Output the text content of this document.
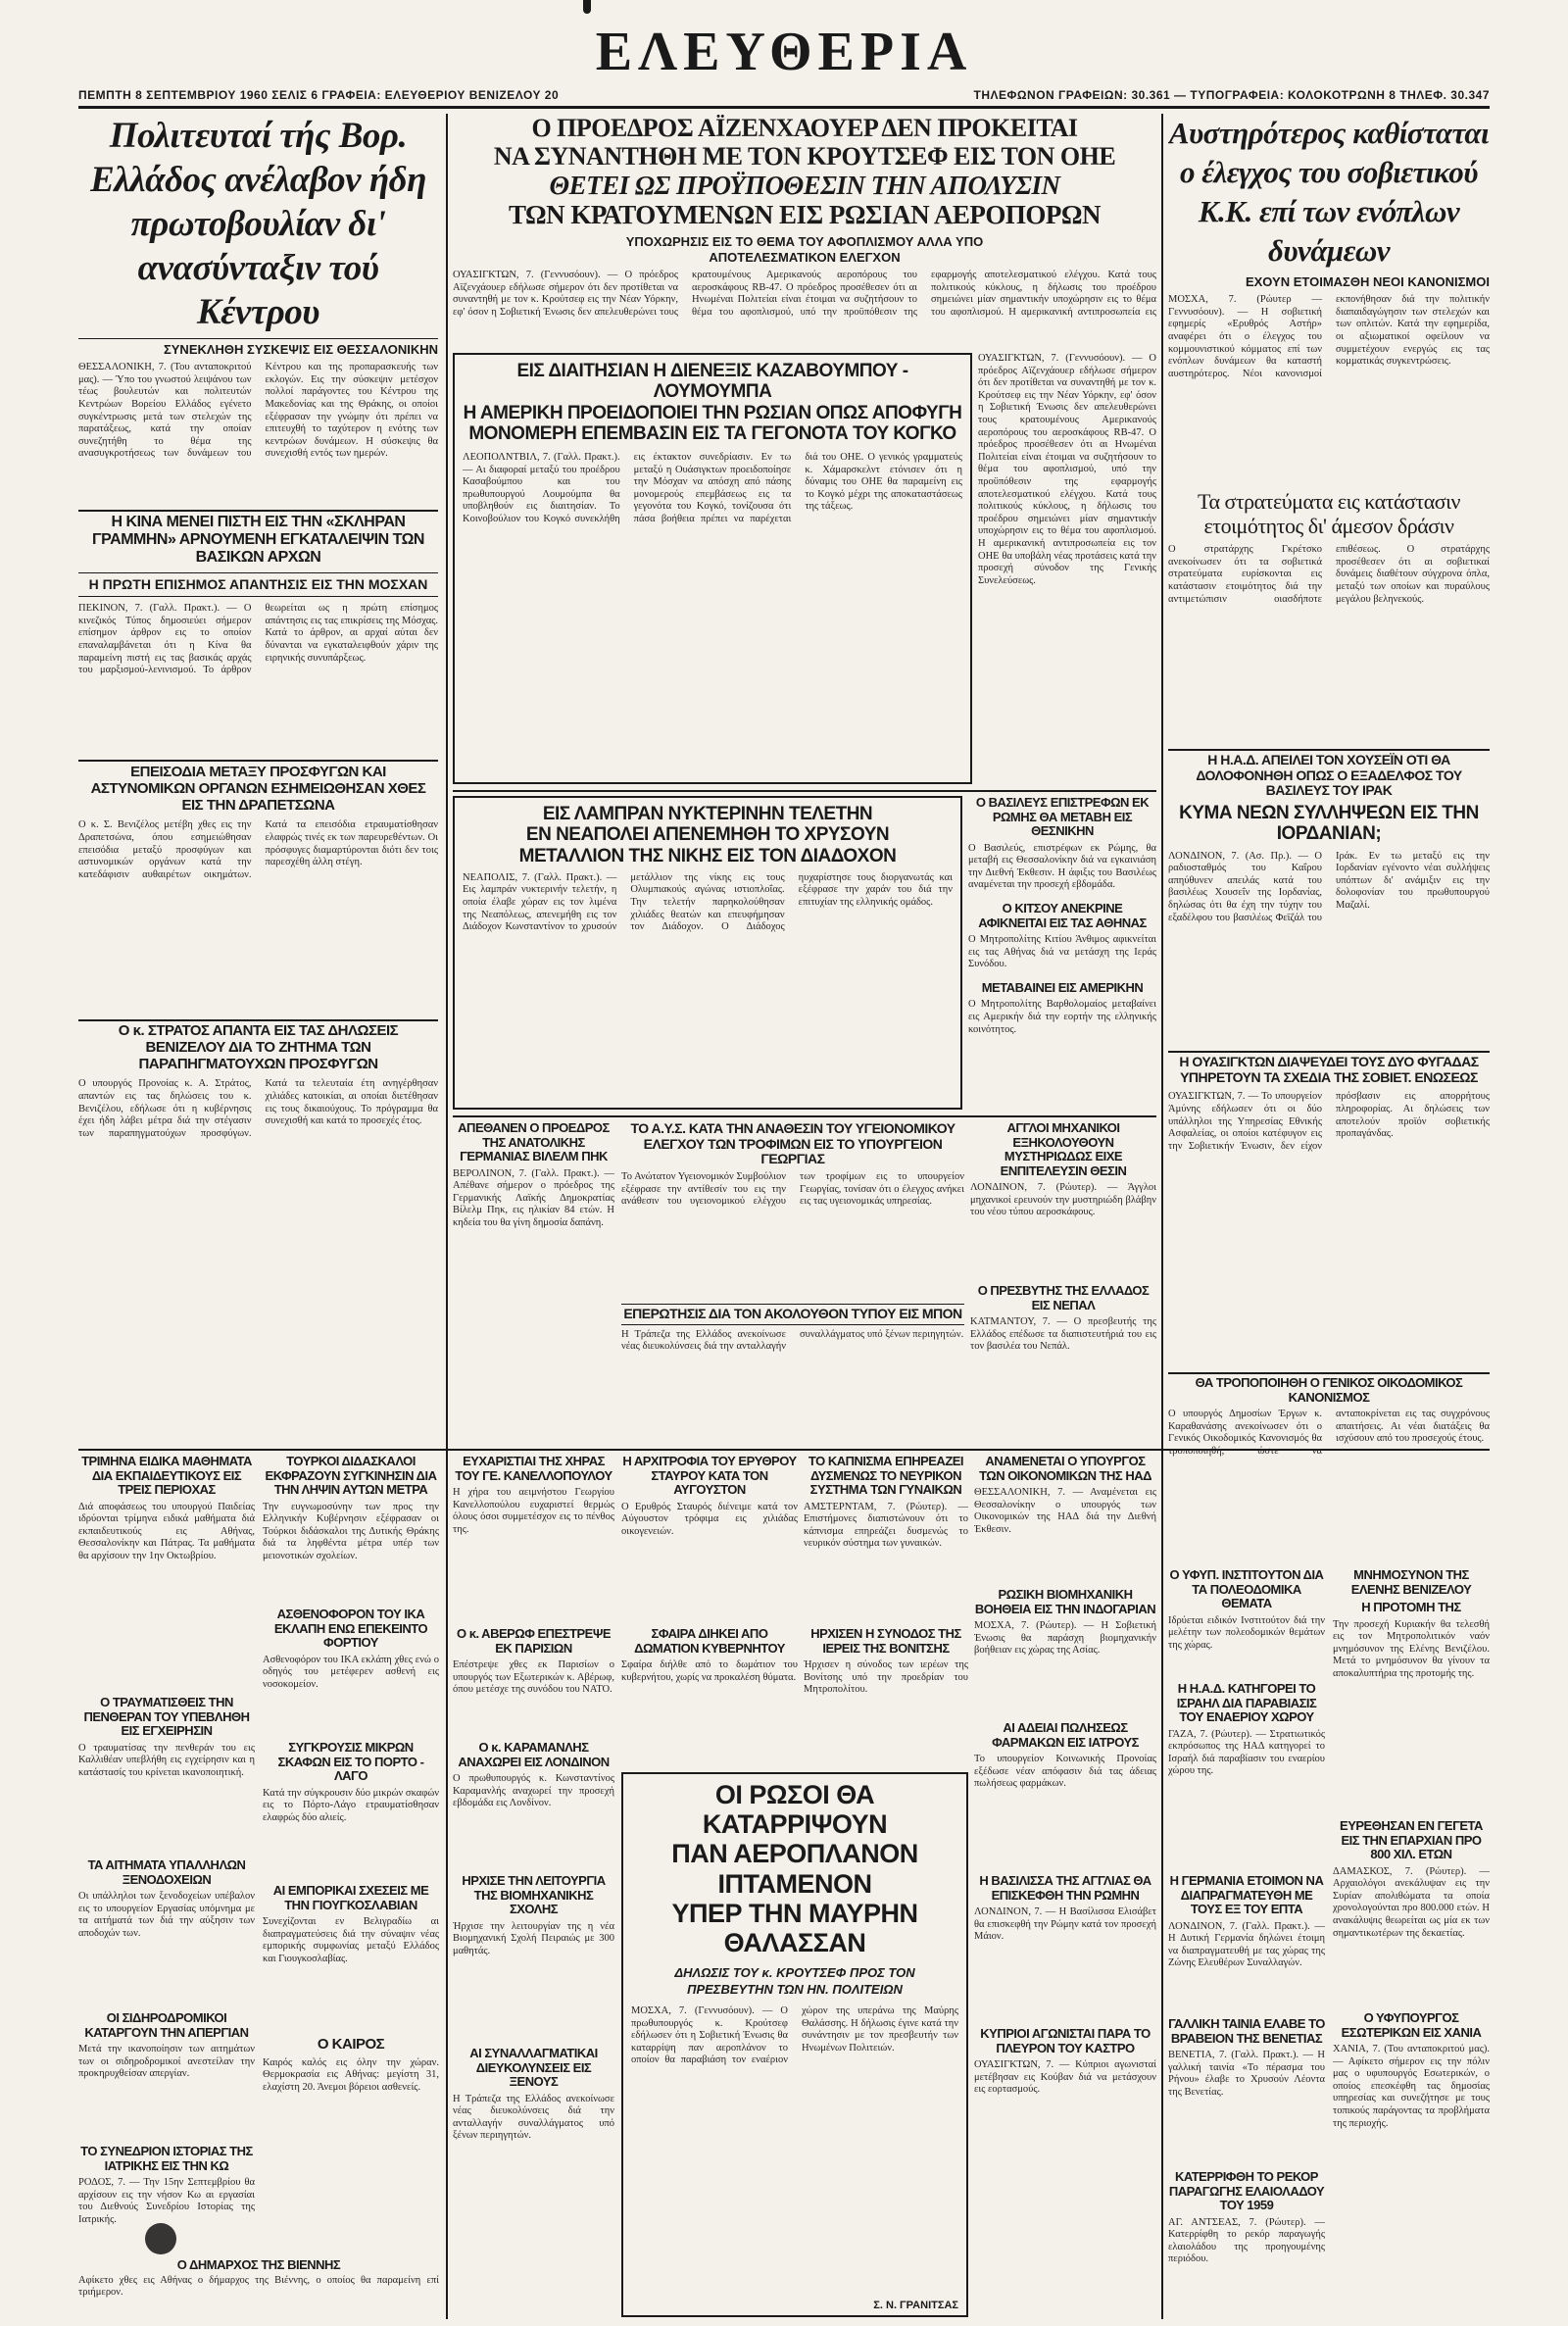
ΕΛΕΥΘΕΡΙΑ
ΠΕΜΠΤΗ 8 ΣΕΠΤΕΜΒΡΙΟΥ 1960 ΣΕΛΙΣ 6 ΓΡΑΦΕΙΑ: ΕΛΕΥΘΕΡΙΟΥ ΒΕΝΙΖΕΛΟΥ 20	ΤΗΛΕΦΩΝΟΝ ΓΡΑΦΕΙΩΝ: 30.361 — ΤΥΠΟΓΡΑΦΕΙΑ: ΚΟΛΟΚΟΤΡΩΝΗ 8 ΤΗΛΕΦ. 30.347
Πολιτευταί τής Βορ. Ελλάδος ανέλαβον ήδη πρωτοβουλίαν δι' ανασύνταξιν τού Κέντρου
ΣΥΝΕΚΛΗΘΗ ΣΥΣΚΕΨΙΣ ΕΙΣ ΘΕΣΣΑΛΟΝΙΚΗΝ
ΘΕΣΣΑΛΟΝΙΚΗ, 7. (Του ανταποκριτού μας). — Ύπο του γνωστού λειψάνου των τέως βουλευτών και πολιτευτών Κεντρώων Βορείου Ελλάδος εγένετο συγκέντρωσις μετά των στελεχών της παρατάξεως, κατά την οποίαν συνεζητήθη το θέμα της ανασυγκροτήσεως των δυνάμεων του Κέντρου και της προπαρασκευής των εκλογών. Εις την σύσκεψιν μετέσχον πολλοί παράγοντες του Κέντρου της Μακεδονίας και της Θράκης, οι οποίοι εξέφρασαν την γνώμην ότι πρέπει να επιτευχθή το ταχύτερον η ενότης των κεντρώων δυνάμεων. Η σύσκεψις θα συνεχισθή εντός των ημερών.
Η ΚΙΝΑ ΜΕΝΕΙ ΠΙΣΤΗ ΕΙΣ ΤΗΝ «ΣΚΛΗΡΑΝ ΓΡΑΜΜΗΝ» ΑΡΝΟΥΜΕΝΗ ΕΓΚΑΤΑΛΕΙΨΙΝ ΤΩΝ ΒΑΣΙΚΩΝ ΑΡΧΩΝ
Η ΠΡΩΤΗ ΕΠΙΣΗΜΟΣ ΑΠΑΝΤΗΣΙΣ ΕΙΣ ΤΗΝ ΜΟΣΧΑΝ
ΠΕΚΙΝΟΝ, 7. (Γαλλ. Πρακτ.). — Ο κινεζικός Τύπος δημοσιεύει σήμερον επίσημον άρθρον εις το οποίον επαναλαμβάνεται ότι η Κίνα θα παραμείνη πιστή εις τας βασικάς αρχάς του μαρξισμού-λενινισμού. Το άρθρον θεωρείται ως η πρώτη επίσημος απάντησις εις τας επικρίσεις της Μόσχας. Κατά το άρθρον, αι αρχαί αύται δεν δύνανται να εγκαταλειφθούν χάριν της ειρηνικής συνυπάρξεως.
ΕΠΕΙΣΟΔΙΑ ΜΕΤΑΞΥ ΠΡΟΣΦΥΓΩΝ ΚΑΙ ΑΣΤΥΝΟΜΙΚΩΝ ΟΡΓΑΝΩΝ ΕΣΗΜΕΙΩΘΗΣΑΝ ΧΘΕΣ ΕΙΣ ΤΗΝ ΔΡΑΠΕΤΣΩΝΑ
Ο κ. Σ. Βενιζέλος μετέβη χθες εις την Δραπετσώνα, όπου εσημειώθησαν επεισόδια μεταξύ προσφύγων και αστυνομικών οργάνων κατά την κατεδάφισιν αυθαιρέτων οικημάτων. Κατά τα επεισόδια ετραυματίσθησαν ελαφρώς τινές εκ των παρευρεθέντων. Οι πρόσφυγες διαμαρτύρονται διότι δεν τοις παρεσχέθη άλλη στέγη.
Ο κ. ΣΤΡΑΤΟΣ ΑΠΑΝΤΑ ΕΙΣ ΤΑΣ ΔΗΛΩΣΕΙΣ ΒΕΝΙΖΕΛΟΥ ΔΙΑ ΤΟ ΖΗΤΗΜΑ ΤΩΝ ΠΑΡΑΠΗΓΜΑΤΟΥΧΩΝ ΠΡΟΣΦΥΓΩΝ
Ο υπουργός Προνοίας κ. Α. Στράτος, απαντών εις τας δηλώσεις του κ. Βενιζέλου, εδήλωσε ότι η κυβέρνησις έχει ήδη λάβει μέτρα διά την στέγασιν των παραπηγματούχων προσφύγων. Κατά τα τελευταία έτη ανηγέρθησαν χιλιάδες κατοικίαι, αι οποίαι διετέθησαν εις τους δικαιούχους. Το πρόγραμμα θα συνεχισθή και κατά το προσεχές έτος.
ΤΡΙΜΗΝΑ ΕΙΔΙΚΑ ΜΑΘΗΜΑΤΑ ΔΙΑ ΕΚΠΑΙΔΕΥΤΙΚΟΥΣ ΕΙΣ ΤΡΕΙΣ ΠΕΡΙΟΧΑΣ
Διά αποφάσεως του υπουργού Παιδείας ιδρύονται τρίμηνα ειδικά μαθήματα διά εκπαιδευτικούς εις Αθήνας, Θεσσαλονίκην και Πάτρας. Τα μαθήματα θα αρχίσουν την 1ην Οκτωβρίου.
ΤΟΥΡΚΟΙ ΔΙΔΑΣΚΑΛΟΙ ΕΚΦΡΑΖΟΥΝ ΣΥΓΚΙΝΗΣΙΝ ΔΙΑ ΤΗΝ ΛΗΨΙΝ ΑΥΤΩΝ ΜΕΤΡΑ
Την ευγνωμοσύνην των προς την Ελληνικήν Κυβέρνησιν εξέφρασαν οι Τούρκοι διδάσκαλοι της Δυτικής Θράκης διά τα ληφθέντα μέτρα υπέρ των μειονοτικών σχολείων.
Ο ΤΡΑΥΜΑΤΙΣΘΕΙΣ ΤΗΝ ΠΕΝΘΕΡΑΝ ΤΟΥ ΥΠΕΒΛΗΘΗ ΕΙΣ ΕΓΧΕΙΡΗΣΙΝ
Ο τραυματίσας την πενθεράν του εις Καλλιθέαν υπεβλήθη εις εγχείρησιν και η κατάστασίς του κρίνεται ικανοποιητική.
ΑΣΘΕΝΟΦΟΡΟΝ ΤΟΥ ΙΚΑ ΕΚΛΑΠΗ ΕΝΩ ΕΠΕΚΕΙΝΤΟ ΦΟΡΤΙΟΥ
Ασθενοφόρον του ΙΚΑ εκλάπη χθες ενώ ο οδηγός του μετέφερεν ασθενή εις νοσοκομείον.
ΤΑ ΑΙΤΗΜΑΤΑ ΥΠΑΛΛΗΛΩΝ ΞΕΝΟΔΟΧΕΙΩΝ
Οι υπάλληλοι των ξενοδοχείων υπέβαλον εις το υπουργείον Εργασίας υπόμνημα με τα αιτήματά των διά την αύξησιν των αποδοχών των.
ΣΥΓΚΡΟΥΣΙΣ ΜΙΚΡΩΝ ΣΚΑΦΩΝ ΕΙΣ ΤΟ ΠΟΡΤΟ - ΛΑΓΟ
Κατά την σύγκρουσιν δύο μικρών σκαφών εις το Πόρτο-Λάγο ετραυματίσθησαν ελαφρώς δύο αλιείς.
ΟΙ ΣΙΔΗΡΟΔΡΟΜΙΚΟΙ ΚΑΤΑΡΓΟΥΝ ΤΗΝ ΑΠΕΡΓΙΑΝ
Μετά την ικανοποίησιν των αιτημάτων των οι σιδηροδρομικοί ανεστείλαν την προκηρυχθείσαν απεργίαν.
ΑΙ ΕΜΠΟΡΙΚΑΙ ΣΧΕΣΕΙΣ ΜΕ ΤΗΝ ΓΙΟΥΓΚΟΣΛΑΒΙΑΝ
Συνεχίζονται εν Βελιγραδίω αι διαπραγματεύσεις διά την σύναψιν νέας εμπορικής συμφωνίας μεταξύ Ελλάδος και Γιουγκοσλαβίας.
ΤΟ ΣΥΝΕΔΡΙΟΝ ΙΣΤΟΡΙΑΣ ΤΗΣ ΙΑΤΡΙΚΗΣ ΕΙΣ ΤΗΝ ΚΩ
ΡΟΔΟΣ, 7. — Την 15ην Σεπτεμβρίου θα αρχίσουν εις την νήσον Κω αι εργασίαι του Διεθνούς Συνεδρίου Ιστορίας της Ιατρικής.
Ο ΚΑΙΡΟΣ
Καιρός καλός εις όλην την χώραν. Θερμοκρασία εις Αθήνας: μεγίστη 31, ελαχίστη 20. Άνεμοι βόρειοι ασθενείς.
Ο ΔΗΜΑΡΧΟΣ ΤΗΣ ΒΙΕΝΝΗΣ
Αφίκετο χθες εις Αθήνας ο δήμαρχος της Βιέννης, ο οποίος θα παραμείνη επί τριήμερον.
Ο ΠΡΟΕΔΡΟΣ ΑΪΖΕΝΧΑΟΥΕΡ ΔΕΝ ΠΡΟΚΕΙΤΑΙ
ΝΑ ΣΥΝΑΝΤΗΘΗ ΜΕ ΤΟΝ ΚΡΟΥΤΣΕΦ ΕΙΣ ΤΟΝ ΟΗΕ
ΘΕΤΕΙ ΩΣ ΠΡΟΫΠΟΘΕΣΙΝ ΤΗΝ ΑΠΟΛΥΣΙΝ
ΤΩΝ ΚΡΑΤΟΥΜΕΝΩΝ ΕΙΣ ΡΩΣΙΑΝ ΑΕΡΟΠΟΡΩΝ
ΥΠΟΧΩΡΗΣΙΣ ΕΙΣ ΤΟ ΘΕΜΑ ΤΟΥ ΑΦΟΠΛΙΣΜΟΥ ΑΛΛΑ ΥΠΟ ΑΠΟΤΕΛΕΣΜΑΤΙΚΟΝ ΕΛΕΓΧΟΝ
ΟΥΑΣΙΓΚΤΩΝ, 7. (Γεννυσόουν). — Ο πρόεδρος Αϊζενχάουερ εδήλωσε σήμερον ότι δεν προτίθεται να συναντηθή με τον κ. Κρούτσεφ εις την Νέαν Υόρκην, εφ' όσον η Σοβιετική Ένωσις δεν απελευθερώνει τους κρατουμένους Αμερικανούς αεροπόρους του αεροσκάφους RB-47. Ο πρόεδρος προσέθεσεν ότι αι Ηνωμέναι Πολιτείαι είναι έτοιμαι να συζητήσουν το θέμα του αφοπλισμού, υπό την προϋπόθεσιν της εφαρμογής αποτελεσματικού ελέγχου. Κατά τους πολιτικούς κύκλους, η δήλωσις του προέδρου σημειώνει μίαν σημαντικήν υποχώρησιν εις το θέμα του αφοπλισμού. Η αμερικανική αντιπροσωπεία εις
ΕΙΣ ΔΙΑΙΤΗΣΙΑΝ Η ΔΙΕΝΕΞΙΣ ΚΑΖΑΒΟΥΜΠΟΥ - ΛΟΥΜΟΥΜΠΑ
Η ΑΜΕΡΙΚΗ ΠΡΟΕΙΔΟΠΟΙΕΙ ΤΗΝ ΡΩΣΙΑΝ ΟΠΩΣ ΑΠΟΦΥΓΗ
ΜΟΝΟΜΕΡΗ ΕΠΕΜΒΑΣΙΝ ΕΙΣ ΤΑ ΓΕΓΟΝΟΤΑ ΤΟΥ ΚΟΓΚΟ
ΛΕΟΠΟΛΝΤΒΙΛ, 7. (Γαλλ. Πρακτ.). — Αι διαφοραί μεταξύ του προέδρου Κασαβούμπου και του πρωθυπουργού Λουμούμπα θα υποβληθούν εις διαιτησίαν. Το Κοινοβούλιον του Κογκό συνεκλήθη εις έκτακτον συνεδρίασιν. Εν τω μεταξύ η Ουάσιγκτων προειδοποίησε την Μόσχαν να απόσχη από πάσης μονομερούς επεμβάσεως εις τα γεγονότα του Κογκό, τονίζουσα ότι πάσα βοήθεια πρέπει να παρέχεται διά του ΟΗΕ. Ο γενικός γραμματεύς κ. Χάμαρσκελντ ετόνισεν ότι η δύναμις του ΟΗΕ θα παραμείνη εις το Κογκό μέχρι της αποκαταστάσεως της τάξεως.
ΟΥΑΣΙΓΚΤΩΝ, 7. (Γεννυσόουν). — Ο πρόεδρος Αϊζενχάουερ εδήλωσε σήμερον ότι δεν προτίθεται να συναντηθή με τον κ. Κρούτσεφ εις την Νέαν Υόρκην, εφ' όσον η Σοβιετική Ένωσις δεν απελευθερώνει τους κρατουμένους Αμερικανούς αεροπόρους του αεροσκάφους RB-47. Ο πρόεδρος προσέθεσεν ότι αι Ηνωμέναι Πολιτείαι είναι έτοιμαι να συζητήσουν το θέμα του αφοπλισμού, υπό την προϋπόθεσιν της εφαρμογής αποτελεσματικού ελέγχου. Κατά τους πολιτικούς κύκλους, η δήλωσις του προέδρου σημειώνει μίαν σημαντικήν υποχώρησιν εις το θέμα του αφοπλισμού. Η αμερικανική αντιπροσωπεία εις τον ΟΗΕ θα υποβάλη νέας προτάσεις κατά την προσεχή σύνοδον της Γενικής Συνελεύσεως.
ΕΙΣ ΛΑΜΠΡΑΝ ΝΥΚΤΕΡΙΝΗΝ ΤΕΛΕΤΗΝ
ΕΝ ΝΕΑΠΟΛΕΙ ΑΠΕΝΕΜΗΘΗ ΤΟ ΧΡΥΣΟΥΝ
ΜΕΤΑΛΛΙΟΝ ΤΗΣ ΝΙΚΗΣ ΕΙΣ ΤΟΝ ΔΙΑΔΟΧΟΝ
ΝΕΑΠΟΛΙΣ, 7. (Γαλλ. Πρακτ.). — Εις λαμπράν νυκτερινήν τελετήν, η οποία έλαβε χώραν εις τον λιμένα της Νεαπόλεως, απενεμήθη εις τον Διάδοχον Κωνσταντίνον το χρυσούν μετάλλιον της νίκης εις τους Ολυμπιακούς αγώνας ιστιοπλοΐας. Την τελετήν παρηκολούθησαν χιλιάδες θεατών και επευφήμησαν τον Διάδοχον. Ο Διάδοχος ηυχαρίστησε τους διοργανωτάς και εξέφρασε την χαράν του διά την επιτυχίαν της ελληνικής ομάδος.
Ο ΒΑΣΙΛΕΥΣ ΕΠΙΣΤΡΕΦΩΝ ΕΚ ΡΩΜΗΣ ΘΑ ΜΕΤΑΒΗ ΕΙΣ ΘΕΣΝΙΚΗΝ
Ο Βασιλεύς, επιστρέφων εκ Ρώμης, θα μεταβή εις Θεσσαλονίκην διά να εγκαινιάση την Διεθνή Έκθεσιν. Η άφιξις του Βασιλέως αναμένεται την προσεχή εβδομάδα.
Ο ΚΙΤΣΟΥ ΑΝΕΚΡΙΝΕ ΑΦΙΚΝΕΙΤΑΙ ΕΙΣ ΤΑΣ ΑΘΗΝΑΣ
Ο Μητροπολίτης Κιτίου Άνθιμος αφικνείται εις τας Αθήνας διά να μετάσχη της Ιεράς Συνόδου.
ΜΕΤΑΒΑΙΝΕΙ ΕΙΣ ΑΜΕΡΙΚΗΝ
Ο Μητροπολίτης Βαρθολομαίος μεταβαίνει εις Αμερικήν διά την εορτήν της ελληνικής κοινότητος.
ΑΠΕΘΑΝΕΝ Ο ΠΡΟΕΔΡΟΣ ΤΗΣ ΑΝΑΤΟΛΙΚΗΣ ΓΕΡΜΑΝΙΑΣ ΒΙΛΕΛΜ ΠΗΚ
ΒΕΡΟΛΙΝΟΝ, 7. (Γαλλ. Πρακτ.). — Απέθανε σήμερον ο πρόεδρος της Γερμανικής Λαϊκής Δημοκρατίας Βίλελμ Πηκ, εις ηλικίαν 84 ετών. Η κηδεία του θα γίνη δημοσία δαπάνη.
ΤΟ Α.Υ.Σ. ΚΑΤΑ ΤΗΝ ΑΝΑΘΕΣΙΝ ΤΟΥ ΥΓΕΙΟΝΟΜΙΚΟΥ ΕΛΕΓΧΟΥ ΤΩΝ ΤΡΟΦΙΜΩΝ ΕΙΣ ΤΟ ΥΠΟΥΡΓΕΙΟΝ ΓΕΩΡΓΙΑΣ
Το Ανώτατον Υγειονομικόν Συμβούλιον εξέφρασε την αντίθεσίν του εις την ανάθεσιν του υγειονομικού ελέγχου των τροφίμων εις το υπουργείον Γεωργίας, τονίσαν ότι ο έλεγχος ανήκει εις τας υγειονομικάς υπηρεσίας.
ΑΓΓΛΟΙ ΜΗΧΑΝΙΚΟΙ ΕΞΗΚΟΛΟΥΘΟΥΝ ΜΥΣΤΗΡΙΩΔΩΣ ΕΙΧΕ ΕΝΠΙΤΕΛΕΥΣΙΝ ΘΕΣΙΝ
ΛΟΝΔΙΝΟΝ, 7. (Ρώυτερ). — Άγγλοι μηχανικοί ερευνούν την μυστηριώδη βλάβην του νέου τύπου αεροσκάφους.
ΕΠΕΡΩΤΗΣΙΣ ΔΙΑ ΤΟΝ ΑΚΟΛΟΥΘΟΝ ΤΥΠΟΥ ΕΙΣ ΜΠΟΝ
Η Τράπεζα της Ελλάδος ανεκοίνωσε νέας διευκολύνσεις διά την ανταλλαγήν συναλλάγματος υπό ξένων περιηγητών.
Ο ΠΡΕΣΒΥΤΗΣ ΤΗΣ ΕΛΛΑΔΟΣ ΕΙΣ ΝΕΠΑΛ
ΚΑΤΜΑΝΤΟΥ, 7. — Ο πρεσβευτής της Ελλάδος επέδωσε τα διαπιστευτήριά του εις τον βασιλέα του Νεπάλ.
ΕΥΧΑΡΙΣΤΙΑΙ ΤΗΣ ΧΗΡΑΣ ΤΟΥ ΓΕ. ΚΑΝΕΛΛΟΠΟΥΛΟΥ
Η χήρα του αειμνήστου Γεωργίου Κανελλοπούλου ευχαριστεί θερμώς όλους όσοι συμμετέσχον εις το πένθος της.
Ο κ. ΑΒΕΡΩΦ ΕΠΕΣΤΡΕΨΕ ΕΚ ΠΑΡΙΣΙΩΝ
Επέστρεψε χθες εκ Παρισίων ο υπουργός των Εξωτερικών κ. Αβέρωφ, όπου μετέσχε της συνόδου του ΝΑΤΟ.
Ο κ. ΚΑΡΑΜΑΝΛΗΣ ΑΝΑΧΩΡΕΙ ΕΙΣ ΛΟΝΔΙΝΟΝ
Ο πρωθυπουργός κ. Κωνσταντίνος Καραμανλής αναχωρεί την προσεχή εβδομάδα εις Λονδίνον.
ΗΡΧΙΣΕ ΤΗΝ ΛΕΙΤΟΥΡΓΙΑ ΤΗΣ ΒΙΟΜΗΧΑΝΙΚΗΣ ΣΧΟΛΗΣ
Ήρχισε την λειτουργίαν της η νέα Βιομηχανική Σχολή Πειραιώς με 300 μαθητάς.
ΑΙ ΣΥΝΑΛΛΑΓΜΑΤΙΚΑΙ ΔΙΕΥΚΟΛΥΝΣΕΙΣ ΕΙΣ ΞΕΝΟΥΣ
Η Τράπεζα της Ελλάδος ανεκοίνωσε νέας διευκολύνσεις διά την ανταλλαγήν συναλλάγματος υπό ξένων περιηγητών.
Η ΑΡΧΙΤΡΟΦΙΑ ΤΟΥ ΕΡΥΘΡΟΥ ΣΤΑΥΡΟΥ ΚΑΤΑ ΤΟΝ ΑΥΓΟΥΣΤΟΝ
Ο Ερυθρός Σταυρός διένειμε κατά τον Αύγουστον τρόφιμα εις χιλιάδας οικογενειών.
ΤΟ ΚΑΠΝΙΣΜΑ ΕΠΗΡΕΑΖΕΙ ΔΥΣΜΕΝΩΣ ΤΟ ΝΕΥΡΙΚΟΝ ΣΥΣΤΗΜΑ ΤΩΝ ΓΥΝΑΙΚΩΝ
ΑΜΣΤΕΡΝΤΑΜ, 7. (Ρώυτερ). — Επιστήμονες διαπιστώνουν ότι το κάπνισμα επηρεάζει δυσμενώς το νευρικόν σύστημα των γυναικών.
ΣΦΑΙΡΑ ΔΙΗΚΕΙ ΑΠΟ ΔΩΜΑΤΙΟΝ ΚΥΒΕΡΝΗΤΟΥ
Σφαίρα διήλθε από το δωμάτιον του κυβερνήτου, χωρίς να προκαλέση θύματα.
ΗΡΧΙΣΕΝ Η ΣΥΝΟΔΟΣ ΤΗΣ ΙΕΡΕΙΣ ΤΗΣ ΒΟΝΙΤΣΗΣ
Ήρχισεν η σύνοδος των ιερέων της Βονίτσης υπό την προεδρίαν του Μητροπολίτου.
ΟΙ ΡΩΣΟΙ ΘΑ ΚΑΤΑΡΡΙΨΟΥΝ
ΠΑΝ ΑΕΡΟΠΛΑΝΟΝ ΙΠΤΑΜΕΝΟΝ
ΥΠΕΡ ΤΗΝ ΜΑΥΡΗΝ ΘΑΛΑΣΣΑΝ
ΔΗΛΩΣΙΣ ΤΟΥ κ. ΚΡΟΥΤΣΕΦ ΠΡΟΣ ΤΟΝ ΠΡΕΣΒΕΥΤΗΝ ΤΩΝ ΗΝ. ΠΟΛΙΤΕΙΩΝ
ΜΟΣΧΑ, 7. (Γεννυσόουν). — Ο πρωθυπουργός κ. Κρούτσεφ εδήλωσεν ότι η Σοβιετική Ένωσις θα καταρρίψη παν αεροπλάνον το οποίον θα παραβιάση τον εναέριον χώρον της υπεράνω της Μαύρης Θαλάσσης. Η δήλωσις έγινε κατά την συνάντησιν με τον πρεσβευτήν των Ηνωμένων Πολιτειών.
Σ. Ν. ΓΡΑΝΙΤΣΑΣ
ΑΝΑΜΕΝΕΤΑΙ Ο ΥΠΟΥΡΓΟΣ ΤΩΝ ΟΙΚΟΝΟΜΙΚΩΝ ΤΗΣ ΗΑΔ
ΘΕΣΣΑΛΟΝΙΚΗ, 7. — Αναμένεται εις Θεσσαλονίκην ο υπουργός των Οικονομικών της ΗΑΔ διά την Διεθνή Έκθεσιν.
ΡΩΣΙΚΗ ΒΙΟΜΗΧΑΝΙΚΗ ΒΟΗΘΕΙΑ ΕΙΣ ΤΗΝ ΙΝΔΟΓΑΡΙΑΝ
ΜΟΣΧΑ, 7. (Ρώυτερ). — Η Σοβιετική Ένωσις θα παράσχη βιομηχανικήν βοήθειαν εις χώρας της Ασίας.
ΑΙ ΑΔΕΙΑΙ ΠΩΛΗΣΕΩΣ ΦΑΡΜΑΚΩΝ ΕΙΣ ΙΑΤΡΟΥΣ
Το υπουργείον Κοινωνικής Προνοίας εξέδωσε νέαν απόφασιν διά τας άδειας πωλήσεως φαρμάκων.
Η ΒΑΣΙΛΙΣΣΑ ΤΗΣ ΑΓΓΛΙΑΣ ΘΑ ΕΠΙΣΚΕΦΘΗ ΤΗΝ ΡΩΜΗΝ
ΛΟΝΔΙΝΟΝ, 7. — Η Βασίλισσα Ελισάβετ θα επισκεφθή την Ρώμην κατά τον προσεχή Μάιον.
ΚΥΠΡΙΟΙ ΑΓΩΝΙΣΤΑΙ ΠΑΡΑ ΤΟ ΠΛΕΥΡΟΝ ΤΟΥ ΚΑΣΤΡΟ
ΟΥΑΣΙΓΚΤΩΝ, 7. — Κύπριοι αγωνισταί μετέβησαν εις Κούβαν διά να μετάσχουν εις εορτασμούς.
Αυστηρότερος καθίσταται ο έλεγχος του σοβιετικού Κ.Κ. επί των ενόπλων δυνάμεων
ΕΧΟΥΝ ΕΤΟΙΜΑΣΘΗ ΝΕΟΙ ΚΑΝΟΝΙΣΜΟΙ
ΜΟΣΧΑ, 7. (Ρώυτερ — Γεννυσόουν). — Η σοβιετική εφημερίς «Ερυθρός Αστήρ» αναφέρει ότι ο έλεγχος του κομμουνιστικού κόμματος επί των ενόπλων δυνάμεων θα καταστή αυστηρότερος. Νέοι κανονισμοί εκπονήθησαν διά την πολιτικήν διαπαιδαγώγησιν των στελεχών και των οπλιτών. Κατά την εφημερίδα, οι αξιωματικοί οφείλουν να συμμετέχουν ενεργώς εις τας κομματικάς συγκεντρώσεις.
Τα στρατεύματα εις κατάστασιν ετοιμότητος δι' άμεσον δράσιν
Ο στρατάρχης Γκρέτσκο ανεκοίνωσεν ότι τα σοβιετικά στρατεύματα ευρίσκονται εις κατάστασιν ετοιμότητος διά την αντιμετώπισιν οιασδήποτε επιθέσεως. Ο στρατάρχης προσέθεσεν ότι αι σοβιετικαί δυνάμεις διαθέτουν σύγχρονα όπλα, μεταξύ των οποίων και πυραύλους μεγάλου βεληνεκούς.
Η Η.Α.Δ. ΑΠΕΙΛΕΙ ΤΟΝ ΧΟΥΣΕΪΝ ΟΤΙ ΘΑ ΔΟΛΟΦΟΝΗΘΗ ΟΠΩΣ Ο ΕΞΑΔΕΛΦΟΣ ΤΟΥ ΒΑΣΙΛΕΥΣ ΤΟΥ ΙΡΑΚ
ΚΥΜΑ ΝΕΩΝ ΣΥΛΛΗΨΕΩΝ ΕΙΣ ΤΗΝ ΙΟΡΔΑΝΙΑΝ;
ΛΟΝΔΙΝΟΝ, 7. (Ασ. Πρ.). — Ο ραδιοσταθμός του Καΐρου απηύθυνεν απειλάς κατά του βασιλέως Χουσεΐν της Ιορδανίας, δηλώσας ότι θα έχη την τύχην του εξαδέλφου του βασιλέως Φεϊζάλ του Ιράκ. Εν τω μεταξύ εις την Ιορδανίαν εγένοντο νέαι συλλήψεις υπόπτων δι' ανάμιξιν εις την δολοφονίαν του πρωθυπουργού Μαζαλί.
Η ΟΥΑΣΙΓΚΤΩΝ ΔΙΑΨΕΥΔΕΙ ΤΟΥΣ ΔΥΟ ΦΥΓΑΔΑΣ ΥΠΗΡΕΤΟΥΝ ΤΑ ΣΧΕΔΙΑ ΤΗΣ ΣΟΒΙΕΤ. ΕΝΩΣΕΩΣ
ΟΥΑΣΙΓΚΤΩΝ, 7. — Το υπουργείον Άμύνης εδήλωσεν ότι οι δύο υπάλληλοι της Υπηρεσίας Εθνικής Ασφαλείας, οι οποίοι κατέφυγον εις την Σοβιετικήν Ένωσιν, δεν είχον πρόσβασιν εις απορρήτους πληροφορίας. Αι δηλώσεις των αποτελούν προϊόν σοβιετικής προπαγάνδας.
ΘΑ ΤΡΟΠΟΠΟΙΗΘΗ Ο ΓΕΝΙΚΟΣ ΟΙΚΟΔΟΜΙΚΟΣ ΚΑΝΟΝΙΣΜΟΣ
Ο υπουργός Δημοσίων Έργων κ. Καραθανάσης ανεκοίνωσεν ότι ο Γενικός Οικοδομικός Κανονισμός θα τροποποιηθή, ώστε να ανταποκρίνεται εις τας συγχρόνους απαιτήσεις. Αι νέαι διατάξεις θα ισχύσουν από του προσεχούς έτους.
Ο ΥΦΥΠ. ΙΝΣΤΙΤΟΥΤΟΝ ΔΙΑ ΤΑ ΠΟΛΕΟΔΟΜΙΚΑ ΘΕΜΑΤΑ
Ιδρύεται ειδικόν Ινστιτούτον διά την μελέτην των πολεοδομικών θεμάτων της χώρας.
ΜΝΗΜΟΣΥΝΟΝ ΤΗΣ ΕΛΕΝΗΣ ΒΕΝΙΖΕΛΟΥ
Η ΠΡΟΤΟΜΗ ΤΗΣ
Την προσεχή Κυριακήν θα τελεσθή εις τον Μητροπολιτικόν ναόν μνημόσυνον της Ελένης Βενιζέλου. Μετά το μνημόσυνον θα γίνουν τα αποκαλυπτήρια της προτομής της.
Η Η.Α.Δ. ΚΑΤΗΓΟΡΕΙ ΤΟ ΙΣΡΑΗΛ ΔΙΑ ΠΑΡΑΒΙΑΣΙΣ ΤΟΥ ΕΝΑΕΡΙΟΥ ΧΩΡΟΥ
ΓΑΖΑ, 7. (Ρώυτερ). — Στρατιωτικός εκπρόσωπος της ΗΑΔ κατηγορεί το Ισραήλ διά παραβίασιν του εναερίου χώρου της.
Η ΓΕΡΜΑΝΙΑ ΕΤΟΙΜΟΝ ΝΑ ΔΙΑΠΡΑΓΜΑΤΕΥΘΗ ΜΕ ΤΟΥΣ ΕΞ ΤΟΥ ΕΠΤΑ
ΛΟΝΔΙΝΟΝ, 7. (Γαλλ. Πρακτ.). — Η Δυτική Γερμανία δηλώνει έτοιμη να διαπραγματευθή με τας χώρας της Ζώνης Ελευθέρων Συναλλαγών.
ΕΥΡΕΘΗΣΑΝ ΕΝ ΓΕΓΕΤΑ ΕΙΣ ΤΗΝ ΕΠΑΡΧΙΑΝ ΠΡΟ 800 ΧΙΛ. ΕΤΩΝ
ΔΑΜΑΣΚΟΣ, 7. (Ρώυτερ). — Αρχαιολόγοι ανεκάλυψαν εις την Συρίαν απολιθώματα τα οποία χρονολογούνται προ 800.000 ετών. Η ανακάλυψις θεωρείται ως μία εκ των σημαντικωτέρων της δεκαετίας.
ΓΑΛΛΙΚΗ ΤΑΙΝΙΑ ΕΛΑΒΕ ΤΟ ΒΡΑΒΕΙΟΝ ΤΗΣ ΒΕΝΕΤΙΑΣ
ΒΕΝΕΤΙΑ, 7. (Γαλλ. Πρακτ.). — Η γαλλική ταινία «Το πέρασμα του Ρήνου» έλαβε το Χρυσούν Λέοντα της Βενετίας.
Ο ΥΦΥΠΟΥΡΓΟΣ ΕΣΩΤΕΡΙΚΩΝ ΕΙΣ ΧΑΝΙΑ
ΧΑΝΙΑ, 7. (Του ανταποκριτού μας). — Αφίκετο σήμερον εις την πόλιν μας ο υφυπουργός Εσωτερικών, ο οποίος επεσκέφθη τας δημοσίας υπηρεσίας και συνεζήτησε με τους τοπικούς παράγοντας τα προβλήματα της περιοχής.
ΚΑΤΕΡΡΙΦΘΗ ΤΟ ΡΕΚΟΡ ΠΑΡΑΓΩΓΗΣ ΕΛΑΙΟΛΑΔΟΥ ΤΟΥ 1959
ΑΓ. ΑΝΤΣΕΑΣ, 7. (Ρώυτερ). — Κατερρίφθη το ρεκόρ παραγωγής ελαιολάδου της προηγουμένης περιόδου.
